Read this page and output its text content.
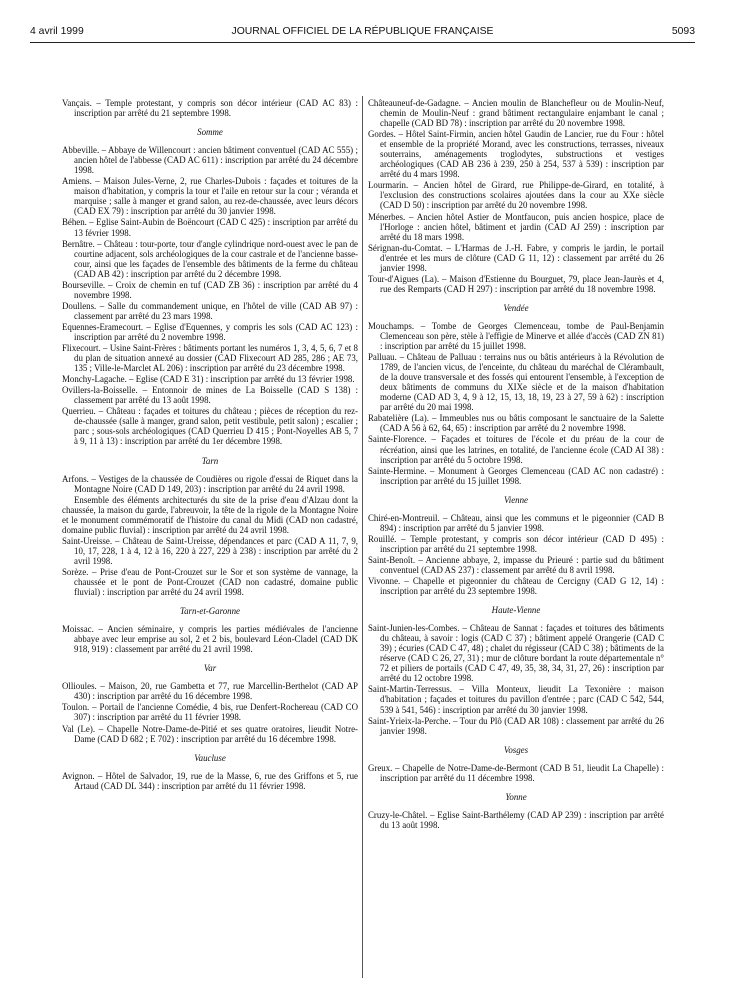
4 avril 1999	JOURNAL OFFICIEL DE LA RÉPUBLIQUE FRANÇAISE	5093
Vançais. – Temple protestant, y compris son décor intérieur (CAD AC 83) : inscription par arrêté du 21 septembre 1998.
Somme
Abbeville. – Abbaye de Willencourt : ancien bâtiment conventuel (CAD AC 555) ; ancien hôtel de l'abbesse (CAD AC 611) : inscription par arrêté du 24 décembre 1998.
Amiens. – Maison Jules-Verne, 2, rue Charles-Dubois : façades et toitures de la maison d'habitation, y compris la tour et l'aile en retour sur la cour ; véranda et marquise ; salle à manger et grand salon, au rez-de-chaussée, avec leurs décors (CAD EX 79) : inscription par arrêté du 30 janvier 1998.
Béhen. – Eglise Saint-Aubin de Boëncourt (CAD C 425) : inscription par arrêté du 13 février 1998.
Bernâtre. – Château : tour-porte, tour d'angle cylindrique nord-ouest avec le pan de courtine adjacent, sols archéologiques de la cour castrale et de l'ancienne basse-cour, ainsi que les façades de l'ensemble des bâtiments de la ferme du château (CAD AB 42) : inscription par arrêté du 2 décembre 1998.
Bourseville. – Croix de chemin en tuf (CAD ZB 36) : inscription par arrêté du 4 novembre 1998.
Doullens. – Salle du commandement unique, en l'hôtel de ville (CAD AB 97) : classement par arrêté du 23 mars 1998.
Equennes-Eramecourt. – Eglise d'Equennes, y compris les sols (CAD AC 123) : inscription par arrêté du 2 novembre 1998.
Flixecourt. – Usine Saint-Frères : bâtiments portant les numéros 1, 3, 4, 5, 6, 7 et 8 du plan de situation annexé au dossier (CAD Flixecourt AD 285, 286 ; AE 73, 135 ; Ville-le-Marclet AL 206) : inscription par arrêté du 23 décembre 1998.
Monchy-Lagache. – Eglise (CAD E 31) : inscription par arrêté du 13 février 1998.
Ovillers-la-Boisselle. – Entonnoir de mines de La Boisselle (CAD S 138) : classement par arrêté du 13 août 1998.
Querrieu. – Château : façades et toitures du château ; pièces de réception du rez-de-chaussée (salle à manger, grand salon, petit vestibule, petit salon) ; escalier ; parc ; sous-sols archéologiques (CAD Querrieu D 415 ; Pont-Noyelles AB 5, 7 à 9, 11 à 13) : inscription par arrêté du 1er décembre 1998.
Tarn
Arfons. – Vestiges de la chaussée de Coudières ou rigole d'essai de Riquet dans la Montagne Noire (CAD D 149, 203) : inscription par arrêté du 24 avril 1998.
Ensemble des éléments architecturés du site de la prise d'eau d'Alzau dont la chaussée, la maison du garde, l'abreuvoir, la tête de la rigole de la Montagne Noire et le monument commémoratif de l'histoire du canal du Midi (CAD non cadastré, domaine public fluvial) : inscription par arrêté du 24 avril 1998.
Saint-Ureisse. – Château de Saint-Ureisse, dépendances et parc (CAD A 11, 7, 9, 10, 17, 228, 1 à 4, 12 à 16, 220 à 227, 229 à 238) : inscription par arrêté du 2 avril 1998.
Sorèze. – Prise d'eau de Pont-Crouzet sur le Sor et son système de vannage, la chaussée et le pont de Pont-Crouzet (CAD non cadastré, domaine public fluvial) : inscription par arrêté du 24 avril 1998.
Tarn-et-Garonne
Moissac. – Ancien séminaire, y compris les parties médiévales de l'ancienne abbaye avec leur emprise au sol, 2 et 2 bis, boulevard Léon-Cladel (CAD DK 918, 919) : classement par arrêté du 21 avril 1998.
Var
Ollioules. – Maison, 20, rue Gambetta et 77, rue Marcellin-Berthelot (CAD AP 430) : inscription par arrêté du 16 décembre 1998.
Toulon. – Portail de l'ancienne Comédie, 4 bis, rue Denfert-Rochereau (CAD CO 307) : inscription par arrêté du 11 février 1998.
Val (Le). – Chapelle Notre-Dame-de-Pitié et ses quatre oratoires, lieudit Notre-Dame (CAD D 682 ; E 702) : inscription par arrêté du 16 décembre 1998.
Vaucluse
Avignon. – Hôtel de Salvador, 19, rue de la Masse, 6, rue des Griffons et 5, rue Artaud (CAD DL 344) : inscription par arrêté du 11 février 1998.
Châteauneuf-de-Gadagne. – Ancien moulin de Blanchefleur ou de Moulin-Neuf, chemin de Moulin-Neuf : grand bâtiment rectangulaire enjambant le canal ; chapelle (CAD BD 78) : inscription par arrêté du 20 novembre 1998.
Gordes. – Hôtel Saint-Firmin, ancien hôtel Gaudin de Lancier, rue du Four : hôtel et ensemble de la propriété Morand, avec les constructions, terrasses, niveaux souterrains, aménagements troglodytes, substructions et vestiges archéologiques (CAD AB 236 à 239, 250 à 254, 537 à 539) : inscription par arrêté du 4 mars 1998.
Lourmarin. – Ancien hôtel de Girard, rue Philippe-de-Girard, en totalité, à l'exclusion des constructions scolaires ajoutées dans la cour au XXe siècle (CAD D 50) : inscription par arrêté du 20 novembre 1998.
Ménerbes. – Ancien hôtel Astier de Montfaucon, puis ancien hospice, place de l'Horloge : ancien hôtel, bâtiment et jardin (CAD AJ 259) : inscription par arrêté du 18 mars 1998.
Sérignan-du-Comtat. – L'Harmas de J.-H. Fabre, y compris le jardin, le portail d'entrée et les murs de clôture (CAD G 11, 12) : classement par arrêté du 26 janvier 1998.
Tour-d'Aigues (La). – Maison d'Estienne du Bourguet, 79, place Jean-Jaurès et 4, rue des Remparts (CAD H 297) : inscription par arrêté du 18 novembre 1998.
Vendée
Mouchamps. – Tombe de Georges Clemenceau, tombe de Paul-Benjamin Clemenceau son père, stèle à l'effigie de Minerve et allée d'accès (CAD ZN 81) : inscription par arrêté du 15 juillet 1998.
Palluau. – Château de Palluau : terrains nus ou bâtis antérieurs à la Révolution de 1789, de l'ancien vicus, de l'enceinte, du château du maréchal de Clérambault, de la douve transversale et des fossés qui entourent l'ensemble, à l'exception de deux bâtiments de communs du XIXe siècle et de la maison d'habitation moderne (CAD AD 3, 4, 9 à 12, 15, 13, 18, 19, 23 à 27, 59 à 62) : inscription par arrêté du 20 mai 1998.
Rabatelière (La). – Immeubles nus ou bâtis composant le sanctuaire de la Salette (CAD A 56 à 62, 64, 65) : inscription par arrêté du 2 novembre 1998.
Sainte-Florence. – Façades et toitures de l'école et du préau de la cour de récréation, ainsi que les latrines, en totalité, de l'ancienne école (CAD AI 38) : inscription par arrêté du 5 octobre 1998.
Sainte-Hermine. – Monument à Georges Clemenceau (CAD AC non cadastré) : inscription par arrêté du 15 juillet 1998.
Vienne
Chiré-en-Montreuil. – Château, ainsi que les communs et le pigeonnier (CAD B 894) : inscription par arrêté du 5 janvier 1998.
Rouillé. – Temple protestant, y compris son décor intérieur (CAD D 495) : inscription par arrêté du 21 septembre 1998.
Saint-Benoît. – Ancienne abbaye, 2, impasse du Prieuré : partie sud du bâtiment conventuel (CAD AS 237) : classement par arrêté du 8 avril 1998.
Vivonne. – Chapelle et pigeonnier du château de Cercigny (CAD G 12, 14) : inscription par arrêté du 23 septembre 1998.
Haute-Vienne
Saint-Junien-les-Combes. – Château de Sannat : façades et toitures des bâtiments du château, à savoir : logis (CAD C 37) ; bâtiment appelé Orangerie (CAD C 39) ; écuries (CAD C 47, 48) ; chalet du régisseur (CAD C 38) ; bâtiments de la réserve (CAD C 26, 27, 31) ; mur de clôture bordant la route départementale n° 72 et piliers de portails (CAD C 47, 49, 35, 38, 34, 31, 27, 26) : inscription par arrêté du 12 octobre 1998.
Saint-Martin-Terressus. – Villa Monteux, lieudit La Texonière : maison d'habitation ; façades et toitures du pavillon d'entrée ; parc (CAD C 542, 544, 539 à 541, 546) : inscription par arrêté du 30 janvier 1998.
Saint-Yrieix-la-Perche. – Tour du Plô (CAD AR 108) : classement par arrêté du 26 janvier 1998.
Vosges
Greux. – Chapelle de Notre-Dame-de-Bermont (CAD B 51, lieudit La Chapelle) : inscription par arrêté du 11 décembre 1998.
Yonne
Cruzy-le-Châtel. – Eglise Saint-Barthélemy (CAD AP 239) : inscription par arrêté du 13 août 1998.
